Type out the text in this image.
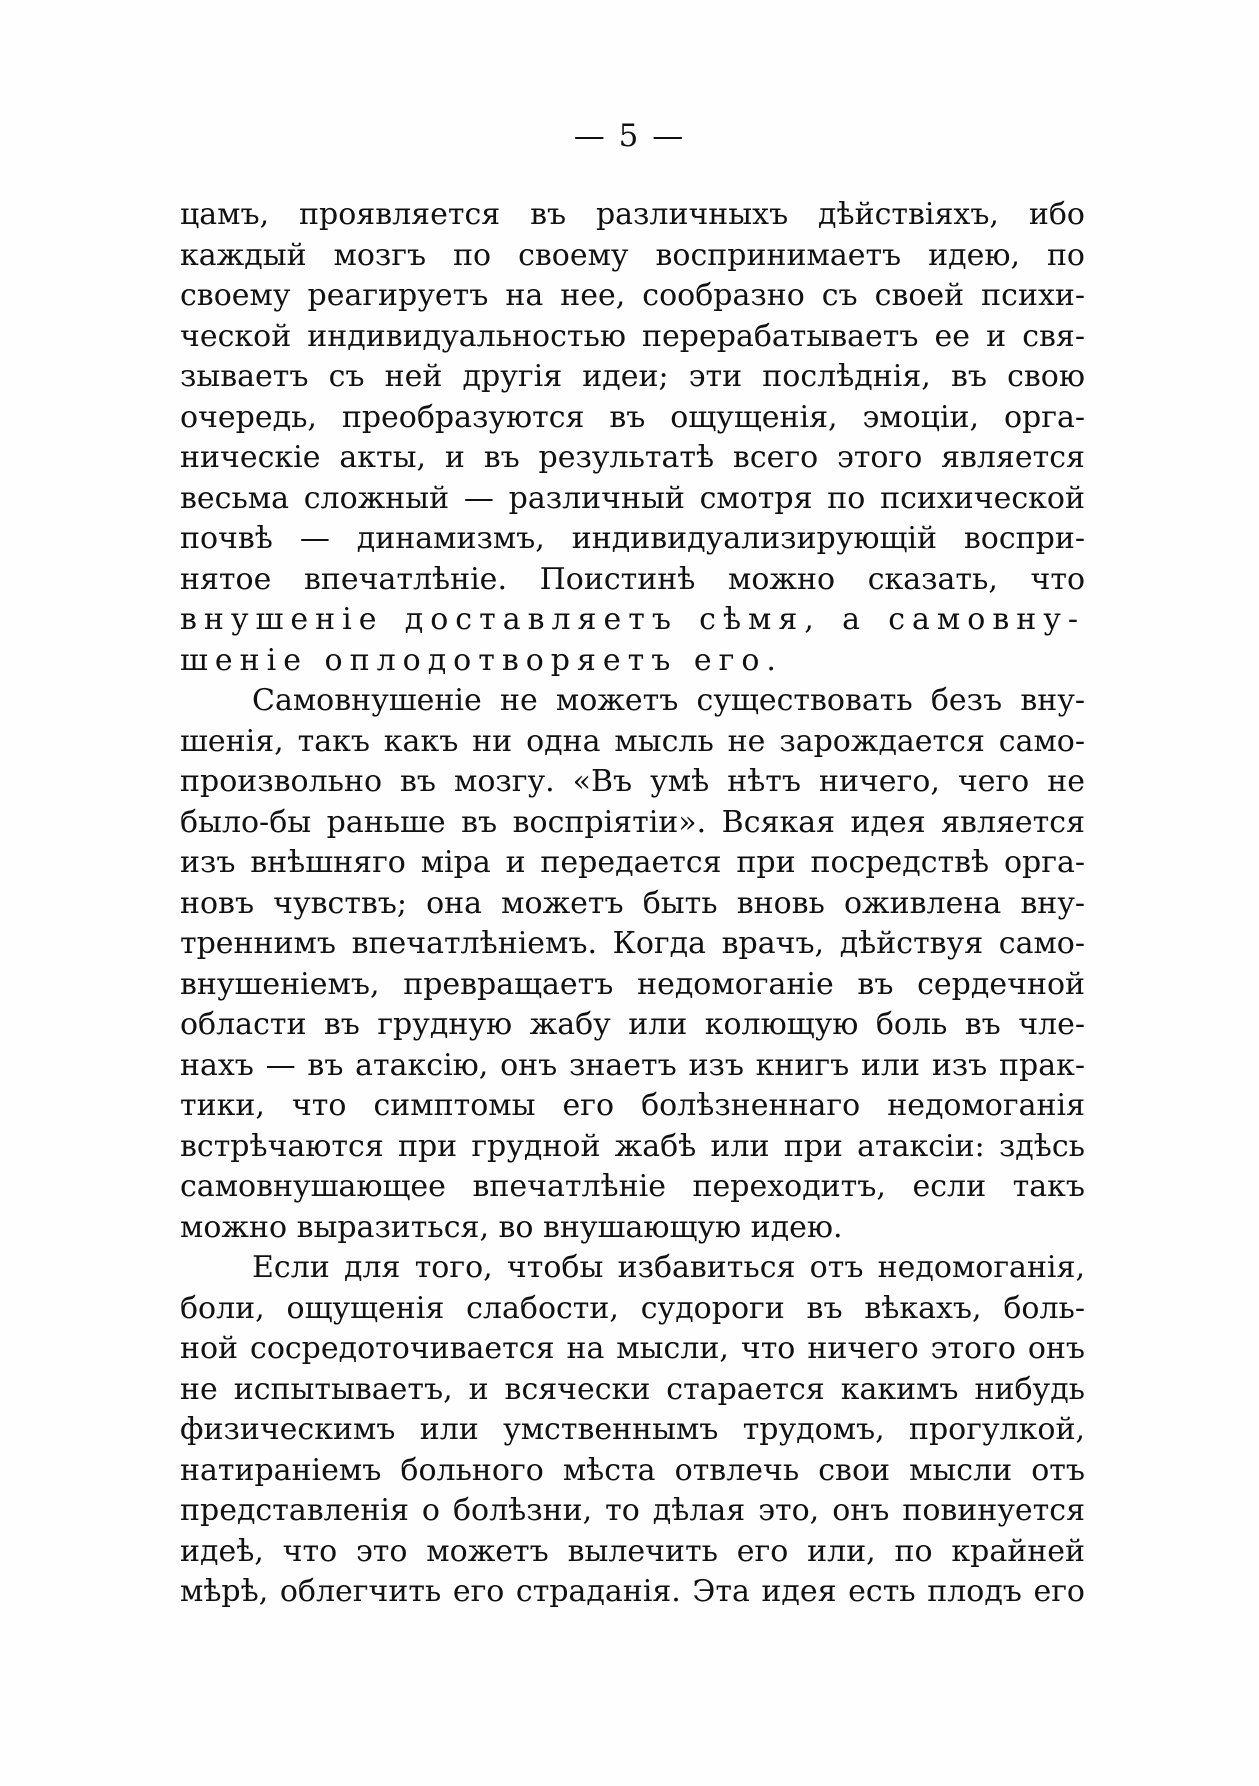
— 5 —
цамъ, проявляется въ различныхъ дѣйствіяхъ, ибо
каждый мозгъ по своему воспринимаетъ идею, по
своему реагируетъ на нее, сообразно съ своей психи-
ческой индивидуальностью перерабатываетъ ее и свя-
зываетъ съ ней другія идеи; эти послѣднія, въ свою
очередь, преобразуются въ ощущенія, эмоціи, орга-
ническіе акты, и въ результатѣ всего этого является
весьма сложный — различный смотря по психической
почвѣ — динамизмъ, индивидуализирующій воспри-
нятое впечатлѣніе. Поистинѣ можно сказать, что
внушеніе доставляетъ сѣмя, а самовну-
шеніе оплодотворяетъ его.
Самовнушеніе не можетъ существовать безъ вну-
шенія, такъ какъ ни одна мысль не зарождается само-
произвольно въ мозгу. «Въ умѣ нѣтъ ничего, чего не
было-бы раньше въ воспріятіи». Всякая идея является
изъ внѣшняго міра и передается при посредствѣ орга-
новъ чувствъ; она можетъ быть вновь оживлена вну-
треннимъ впечатлѣніемъ. Когда врачъ, дѣйствуя само-
внушеніемъ, превращаетъ недомоганіе въ сердечной
области въ грудную жабу или колющую боль въ чле-
нахъ — въ атаксію, онъ знаетъ изъ книгъ или изъ прак-
тики, что симптомы его болѣзненнаго недомоганія
встрѣчаются при грудной жабѣ или при атаксіи: здѣсь
самовнушающее впечатлѣніе переходитъ, если такъ
можно выразиться, во внушающую идею.
Если для того, чтобы избавиться отъ недомоганія,
боли, ощущенія слабости, судороги въ вѣкахъ, боль-
ной сосредоточивается на мысли, что ничего этого онъ
не испытываетъ, и всячески старается какимъ нибудь
физическимъ или умственнымъ трудомъ, прогулкой,
натираніемъ больного мѣста отвлечь свои мысли отъ
представленія о болѣзни, то дѣлая это, онъ повинуется
идеѣ, что это можетъ вылечить его или, по крайней
мѣрѣ, облегчить его страданія. Эта идея есть плодъ его
